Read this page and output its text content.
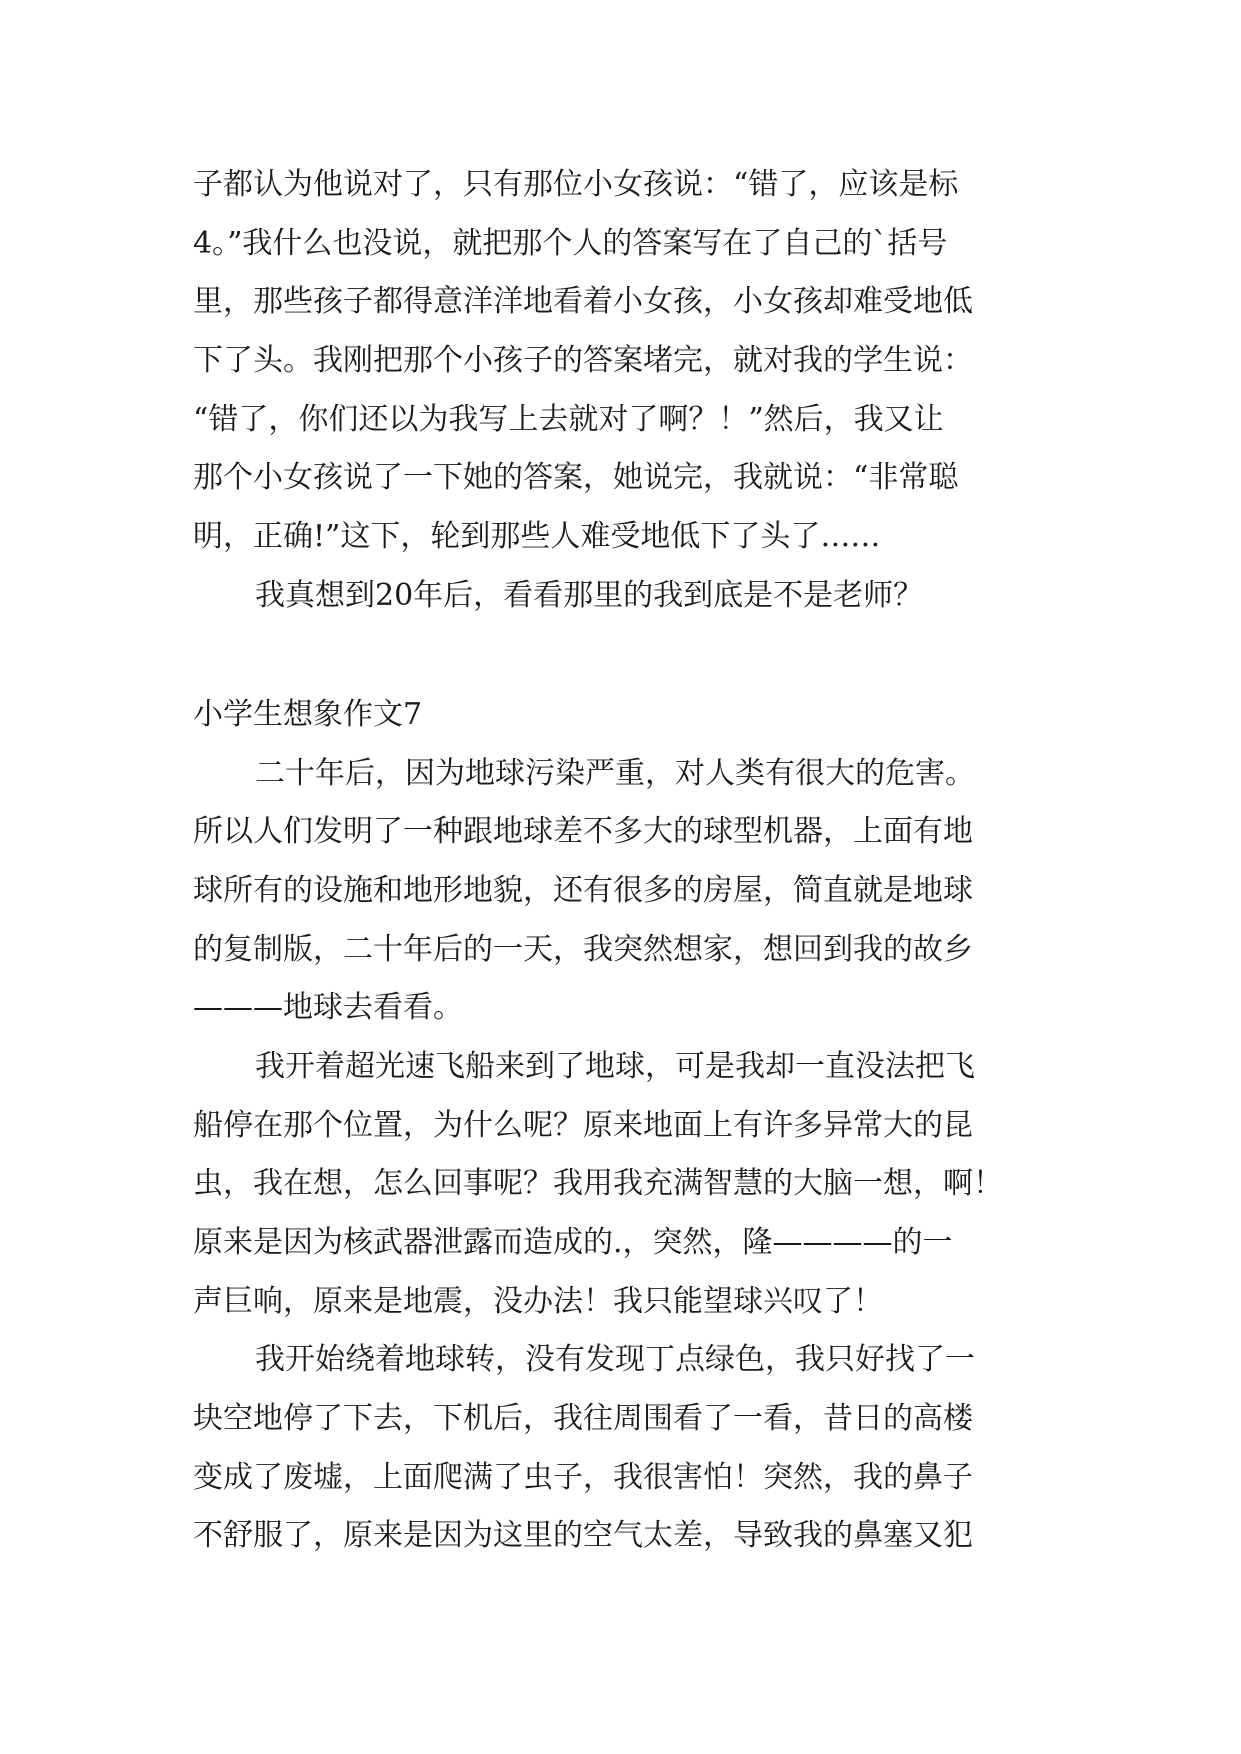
子都认为他说对了，只有那位小女孩说：“错了，应该是标
4。”我什么也没说，就把那个人的答案写在了自己的`括号
里，那些孩子都得意洋洋地看着小女孩，小女孩却难受地低
下了头。我刚把那个小孩子的答案堵完，就对我的学生说：
“错了，你们还以为我写上去就对了啊？！”然后，我又让
那个小女孩说了一下她的答案，她说完，我就说：“非常聪
明，正确!”这下，轮到那些人难受地低下了头了……
我真想到20年后，看看那里的我到底是不是老师？
小学生想象作文7
二十年后，因为地球污染严重，对人类有很大的危害。
所以人们发明了一种跟地球差不多大的球型机器，上面有地
球所有的设施和地形地貌，还有很多的房屋，简直就是地球
的复制版，二十年后的一天，我突然想家，想回到我的故乡
———地球去看看。
我开着超光速飞船来到了地球，可是我却一直没法把飞
船停在那个位置，为什么呢？原来地面上有许多异常大的昆
虫，我在想，怎么回事呢？我用我充满智慧的大脑一想，啊！
原来是因为核武器泄露而造成的.，突然，隆————的一
声巨响，原来是地震，没办法！我只能望球兴叹了！
我开始绕着地球转，没有发现丁点绿色，我只好找了一
块空地停了下去，下机后，我往周围看了一看，昔日的高楼
变成了废墟，上面爬满了虫子，我很害怕！突然，我的鼻子
不舒服了，原来是因为这里的空气太差，导致我的鼻塞又犯
